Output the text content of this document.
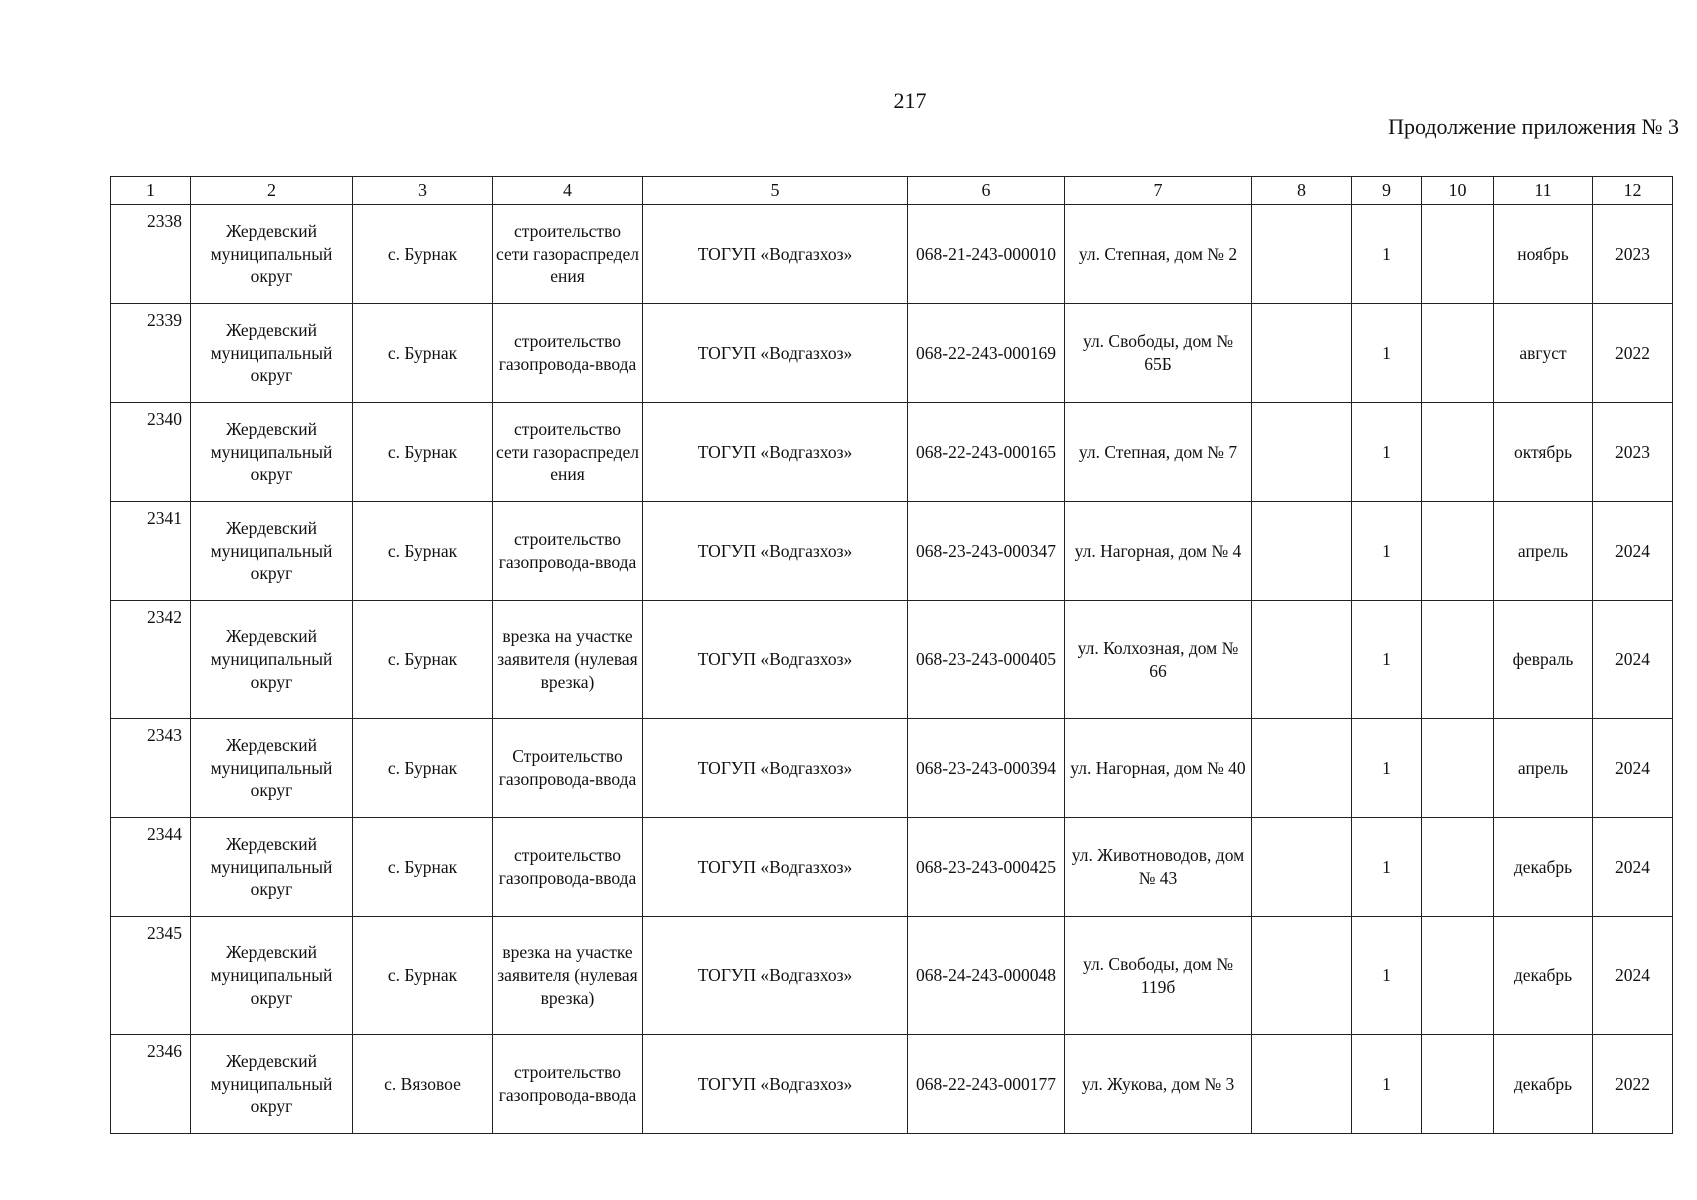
217
Продолжение приложения № 3
1	2	3	4	5	6	7	8	9	10	11	12
2338	Жердевский муниципальный округ	с. Бурнак	строительство сети газораспредел ения	ТОГУП «Водгазхоз»	068-21-243-000010	ул. Степная, дом № 2		1		ноябрь	2023
2339	Жердевский муниципальный округ	с. Бурнак	строительство газопровода-ввода	ТОГУП «Водгазхоз»	068-22-243-000169	ул. Свободы, дом № 65Б		1		август	2022
2340	Жердевский муниципальный округ	с. Бурнак	строительство сети газораспредел ения	ТОГУП «Водгазхоз»	068-22-243-000165	ул. Степная, дом № 7		1		октябрь	2023
2341	Жердевский муниципальный округ	с. Бурнак	строительство газопровода-ввода	ТОГУП «Водгазхоз»	068-23-243-000347	ул. Нагорная, дом № 4		1		апрель	2024
2342	Жердевский муниципальный округ	с. Бурнак	врезка на участке заявителя (нулевая врезка)	ТОГУП «Водгазхоз»	068-23-243-000405	ул. Колхозная, дом № 66		1		февраль	2024
2343	Жердевский муниципальный округ	с. Бурнак	Строительство газопровода-ввода	ТОГУП «Водгазхоз»	068-23-243-000394	ул. Нагорная, дом № 40		1		апрель	2024
2344	Жердевский муниципальный округ	с. Бурнак	строительство газопровода-ввода	ТОГУП «Водгазхоз»	068-23-243-000425	ул. Животноводов, дом № 43		1		декабрь	2024
2345	Жердевский муниципальный округ	с. Бурнак	врезка на участке заявителя (нулевая врезка)	ТОГУП «Водгазхоз»	068-24-243-000048	ул. Свободы, дом № 119б		1		декабрь	2024
2346	Жердевский муниципальный округ	с. Вязовое	строительство газопровода-ввода	ТОГУП «Водгазхоз»	068-22-243-000177	ул. Жукова, дом № 3		1		декабрь	2022
